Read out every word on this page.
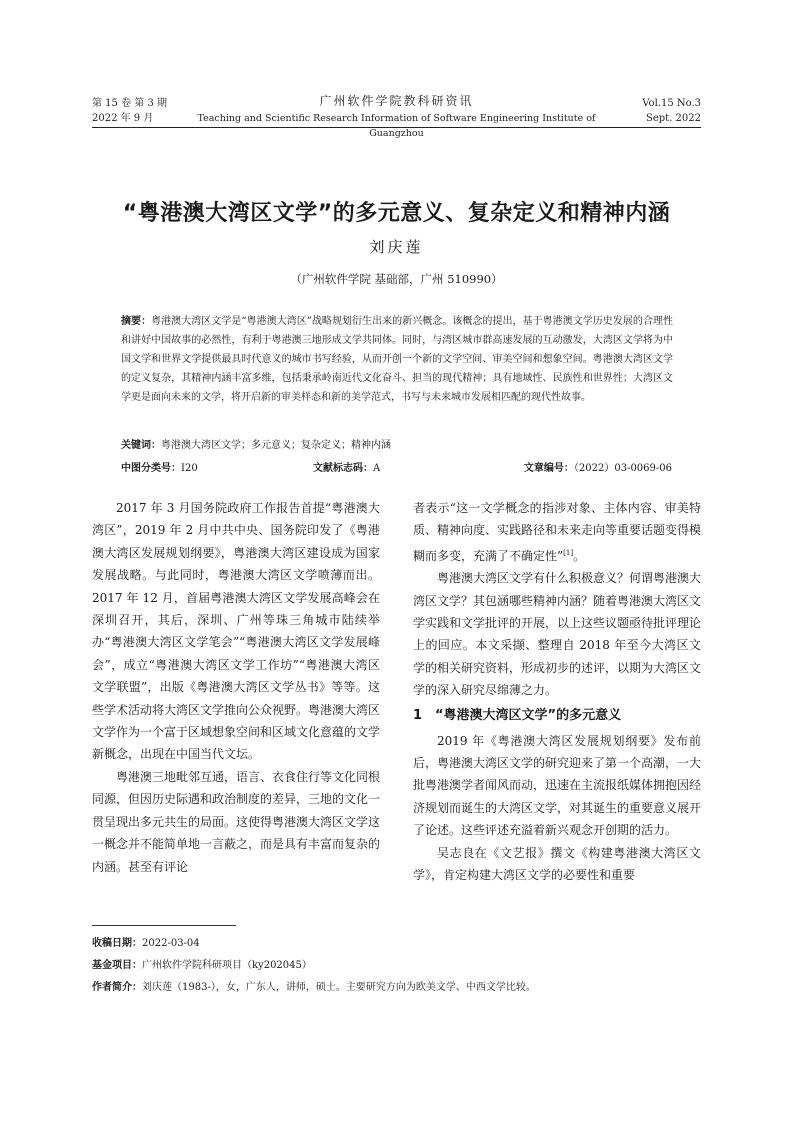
第 15 卷 第 3 期
2022 年 9 月
广州软件学院教科研资讯
Teaching and Scientific Research Information of Software Engineering Institute of Guangzhou
Vol.15 No.3
Sept. 2022
“粤港澳大湾区文学”的多元意义、复杂定义和精神内涵
刘庆莲
（广州软件学院 基础部，广州 510990）
摘要：粤港澳大湾区文学是“粤港澳大湾区”战略规划衍生出来的新兴概念。该概念的提出，基于粤港澳文学历史发展的合理性和讲好中国故事的必然性，有利于粤港澳三地形成文学共同体。同时，与湾区城市群高速发展的互动激发，大湾区文学将为中国文学和世界文学提供最具时代意义的城市书写经验，从而开创一个新的文学空间、审美空间和想象空间。粤港澳大湾区文学的定义复杂，其精神内涵丰富多维，包括秉承岭南近代文化奋斗、担当的现代精神；具有地域性、民族性和世界性；大湾区文学更是面向未来的文学，将开启新的审美样态和新的美学范式，书写与未来城市发展相匹配的现代性故事。
关键词：粤港澳大湾区文学；多元意义；复杂定义；精神内涵
中图分类号：I20	文献标志码：A	文章编号：（2022）03-0069-06

2017 年 3 月国务院政府工作报告首提“粤港澳大湾区”，2019 年 2 月中共中央、国务院印发了《粤港澳大湾区发展规划纲要》，粤港澳大湾区建设成为国家发展战略。与此同时，粤港澳大湾区文学喷薄而出。2017 年 12 月，首届粤港澳大湾区文学发展高峰会在深圳召开，其后，深圳、广州等珠三角城市陆续举办“粤港澳大湾区文学笔会”“粤港澳大湾区文学发展峰会”，成立“粤港澳大湾区文学工作坊”“粤港澳大湾区文学联盟”，出版《粤港澳大湾区文学丛书》等等。这些学术活动将大湾区文学推向公众视野。粤港澳大湾区文学作为一个富于区域想象空间和区域文化意蕴的文学新概念，出现在中国当代文坛。

粤港澳三地毗邻互通，语言、衣食住行等文化同根同源，但因历史际遇和政治制度的差异，三地的文化一贯呈现出多元共生的局面。这使得粤港澳大湾区文学这一概念并不能简单地一言蔽之，而是具有丰富而复杂的内涵。甚至有评论

者表示“这一文学概念的指涉对象、主体内容、审美特质、精神向度、实践路径和未来走向等重要话题变得模糊而多变，充满了不确定性”[1]。

粤港澳大湾区文学有什么积极意义？何谓粤港澳大湾区文学？其包涵哪些精神内涵？随着粤港澳大湾区文学实践和文学批评的开展，以上这些议题亟待批评理论上的回应。本文采撷、整理自 2018 年至今大湾区文学的相关研究资料，形成初步的述评，以期为大湾区文学的深入研究尽绵薄之力。

1 “粤港澳大湾区文学”的多元意义

2019 年《粤港澳大湾区发展规划纲要》发布前后，粤港澳大湾区文学的研究迎来了第一个高潮，一大批粤港澳学者闻风而动，迅速在主流报纸媒体拥抱因经济规划而诞生的大湾区文学，对其诞生的重要意义展开了论述。这些评述充溢着新兴观念开创期的活力。

吴志良在《文艺报》撰文《构建粤港澳大湾区文学》，肯定构建大湾区文学的必要性和重要

收稿日期：2022-03-04
基金项目：广州软件学院科研项目（ky202045）
作者简介：刘庆莲（1983-），女，广东人，讲师，硕士。主要研究方向为欧美文学、中西文学比较。
